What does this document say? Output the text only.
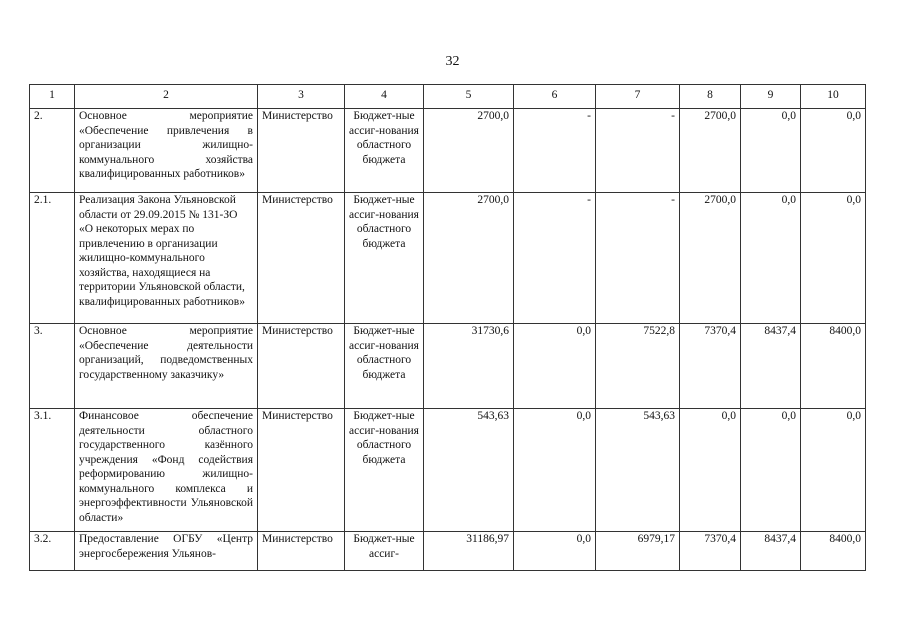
32
1	2	3	4	5	6	7	8	9	10
2.	Основное мероприятие «Обеспечение привлечения в организации жилищно-коммунального хозяйства квалифицированных работников»	Министерство	Бюджет-ные ассиг-нования областного бюджета	2700,0	-	-	2700,0	0,0	0,0
2.1.	Реализация Закона Ульяновской области от 29.09.2015 № 131-ЗО «О некоторых мерах по привлечению в организации жилищно-коммунального хозяйства, находящиеся на территории Ульяновской области, квалифицированных работников»	Министерство	Бюджет-ные ассиг-нования областного бюджета	2700,0	-	-	2700,0	0,0	0,0
3.	Основное мероприятие «Обеспечение деятельности организаций, подведомственных государственному заказчику»	Министерство	Бюджет-ные ассиг-нования областного бюджета	31730,6	0,0	7522,8	7370,4	8437,4	8400,0
3.1.	Финансовое обеспечение деятельности областного государственного казённого учреждения «Фонд содействия реформированию жилищно-коммунального комплекса и энергоэффективности Ульяновской области»	Министерство	Бюджет-ные ассиг-нования областного бюджета	543,63	0,0	543,63	0,0	0,0	0,0
3.2.	Предоставление ОГБУ «Центр энергосбережения Ульянов-	Министерство	Бюджет-ные ассиг-	31186,97	0,0	6979,17	7370,4	8437,4	8400,0
